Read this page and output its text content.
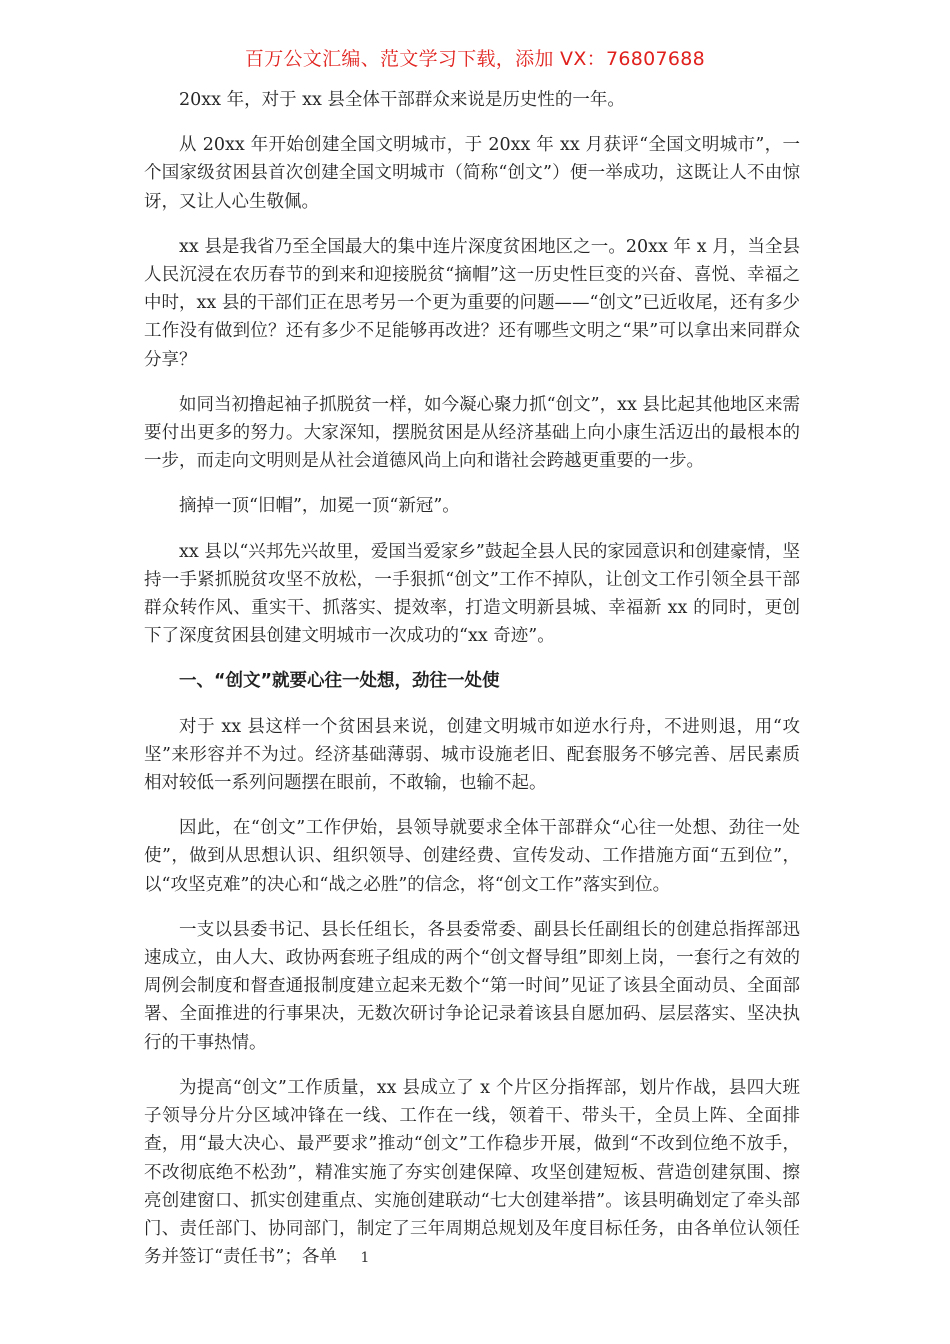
百万公文汇编、范文学习下载，添加 VX：76807688

20xx 年，对于 xx 县全体干部群众来说是历史性的一年。

从 20xx 年开始创建全国文明城市，于 20xx 年 xx 月获评“全国文明城市”，一个国家级贫困县首次创建全国文明城市（简称“创文”）便一举成功，这既让人不由惊讶，又让人心生敬佩。

xx 县是我省乃至全国最大的集中连片深度贫困地区之一。20xx 年 x 月，当全县人民沉浸在农历春节的到来和迎接脱贫“摘帽”这一历史性巨变的兴奋、喜悦、幸福之中时，xx 县的干部们正在思考另一个更为重要的问题——“创文”已近收尾，还有多少工作没有做到位？还有多少不足能够再改进？还有哪些文明之“果”可以拿出来同群众分享？

如同当初撸起袖子抓脱贫一样，如今凝心聚力抓“创文”，xx 县比起其他地区来需要付出更多的努力。大家深知，摆脱贫困是从经济基础上向小康生活迈出的最根本的一步，而走向文明则是从社会道德风尚上向和谐社会跨越更重要的一步。

摘掉一顶“旧帽”，加冕一顶“新冠”。

xx 县以“兴邦先兴故里，爱国当爱家乡”鼓起全县人民的家园意识和创建豪情，坚持一手紧抓脱贫攻坚不放松，一手狠抓“创文”工作不掉队，让创文工作引领全县干部群众转作风、重实干、抓落实、提效率，打造文明新县城、幸福新 xx 的同时，更创下了深度贫困县创建文明城市一次成功的“xx 奇迹”。

一、“创文”就要心往一处想，劲往一处使

对于 xx 县这样一个贫困县来说，创建文明城市如逆水行舟，不进则退，用“攻坚”来形容并不为过。经济基础薄弱、城市设施老旧、配套服务不够完善、居民素质相对较低一系列问题摆在眼前，不敢输，也输不起。

因此，在“创文”工作伊始，县领导就要求全体干部群众“心往一处想、劲往一处使”，做到从思想认识、组织领导、创建经费、宣传发动、工作措施方面“五到位”，以“攻坚克难”的决心和“战之必胜”的信念，将“创文工作”落实到位。

一支以县委书记、县长任组长，各县委常委、副县长任副组长的创建总指挥部迅速成立，由人大、政协两套班子组成的两个“创文督导组”即刻上岗，一套行之有效的周例会制度和督查通报制度建立起来无数个“第一时间”见证了该县全面动员、全面部署、全面推进的行事果决，无数次研讨争论记录着该县自愿加码、层层落实、坚决执行的干事热情。

为提高“创文”工作质量，xx 县成立了 x 个片区分指挥部，划片作战，县四大班子领导分片分区域冲锋在一线、工作在一线，领着干、带头干，全员上阵、全面排查，用“最大决心、最严要求”推动“创文”工作稳步开展，做到“不改到位绝不放手，不改彻底绝不松劲”，精准实施了夯实创建保障、攻坚创建短板、营造创建氛围、擦亮创建窗口、抓实创建重点、实施创建联动“七大创建举措”。该县明确划定了牵头部门、责任部门、协同部门，制定了三年周期总规划及年度目标任务，由各单位认领任务并签订“责任书”；各单	1
